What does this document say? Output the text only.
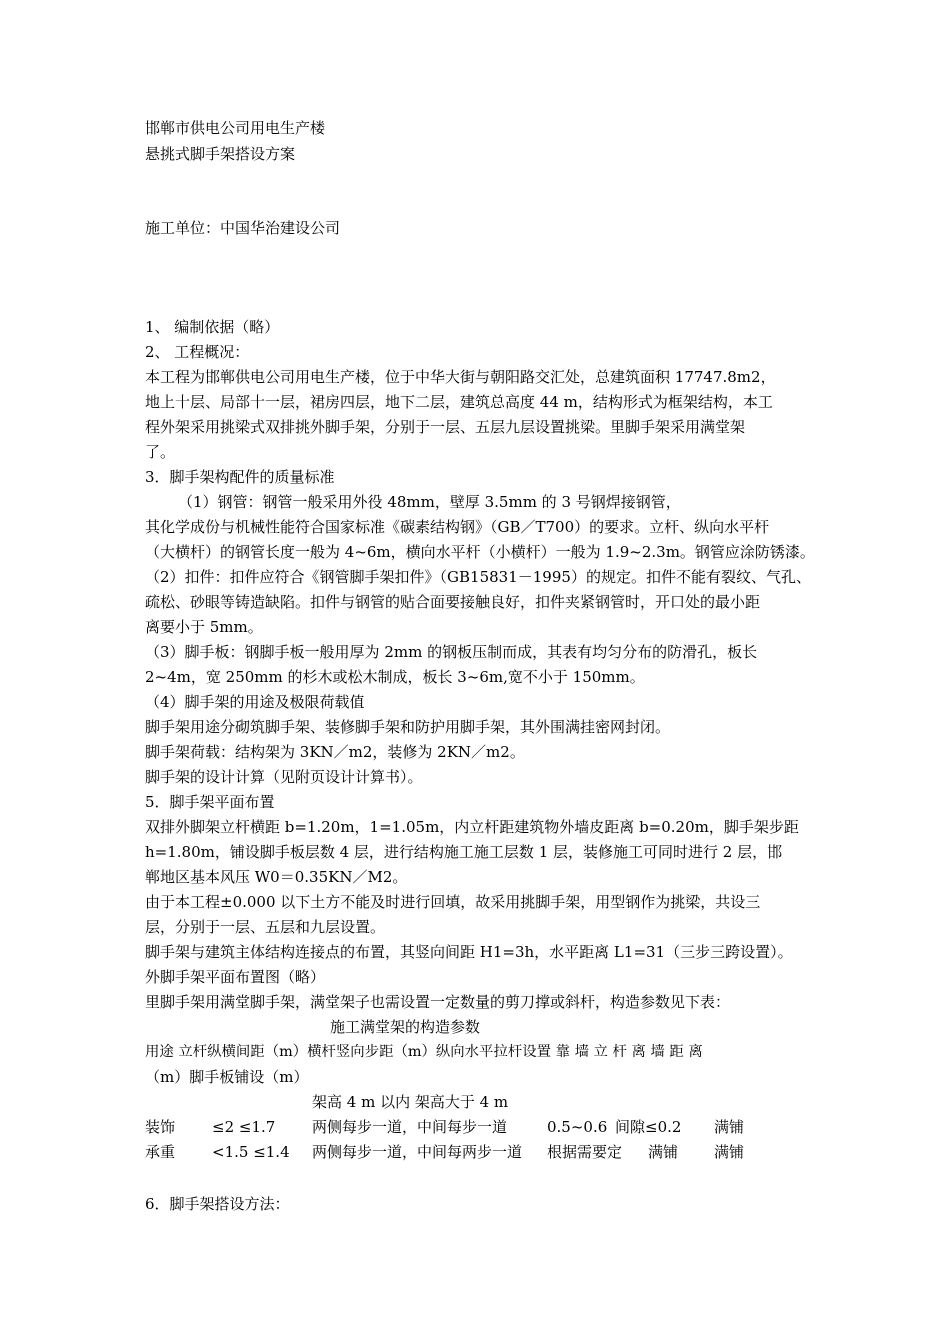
邯郸市供电公司用电生产楼
悬挑式脚手架搭设方案
施工单位：中国华治建设公司
1、 编制依据（略）
2、 工程概况：
本工程为邯郸供电公司用电生产楼，位于中华大街与朝阳路交汇处，总建筑面积 17747.8m2，
地上十层、局部十一层，裙房四层，地下二层，建筑总高度 44 m，结构形式为框架结构，本工
程外架采用挑梁式双排挑外脚手架，分别于一层、五层九层设置挑梁。里脚手架采用满堂架
了。
3．脚手架构配件的质量标准
（1）钢管：钢管一般采用外役 48mm，壁厚 3.5mm 的 3 号钢焊接钢管，
其化学成份与机械性能符合国家标准《碳素结构钢》（GB／T700）的要求。立杆、纵向水平杆
（大横杆）的钢管长度一般为 4~6m，横向水平杆（小横杆）一般为 1.9~2.3m。钢管应涂防锈漆。
（2）扣件：扣件应符合《钢管脚手架扣件》（GB15831－1995）的规定。扣件不能有裂纹、气孔、
疏松、砂眼等铸造缺陷。扣件与钢管的贴合面要接触良好，扣件夹紧钢管时，开口处的最小距
离要小于 5mm。
（3）脚手板：钢脚手板一般用厚为 2mm 的钢板压制而成，其表有均匀分布的防滑孔，板长
2~4m，宽 250mm 的杉木或松木制成，板长 3~6m,宽不小于 150mm。
（4）脚手架的用途及极限荷载值
脚手架用途分砌筑脚手架、装修脚手架和防护用脚手架，其外围满挂密网封闭。
脚手架荷载：结构架为 3KN／m2，装修为 2KN／m2。
脚手架的设计计算（见附页设计计算书）。
5．脚手架平面布置
双排外脚架立杆横距 b=1.20m，1=1.05m，内立杆距建筑物外墙皮距离 b=0.20m，脚手架步距
h=1.80m，铺设脚手板层数 4 层，进行结构施工施工层数 1 层，装修施工可同时进行 2 层，邯
郸地区基本风压 W0＝0.35KN／M2。
由于本工程±0.000 以下土方不能及时进行回填，故采用挑脚手架，用型钢作为挑梁，共设三
层，分别于一层、五层和九层设置。
脚手架与建筑主体结构连接点的布置，其竖向间距 H1=3h，水平距离 L1=31（三步三跨设置）。
外脚手架平面布置图（略）
里脚手架用满堂脚手架，满堂架子也需设置一定数量的剪刀撑或斜杆，构造参数见下表：
施工满堂架的构造参数
用途 立杆纵横间距（m）横杆竖向步距（m）纵向水平拉杆设置 靠 墙 立 杆 离 墙 距 离
（m）脚手板铺设（m）
架高 4 m 以内 架高大于 4 m
装饰 ≤2 ≤1.7 两侧每步一道，中间每步一道	0.5~0.6 间隙≤0.2 满铺
承重 <1.5 ≤1.4 两侧每步一道，中间每两步一道 根据需要定 满铺 满铺
6．脚手架搭设方法：
